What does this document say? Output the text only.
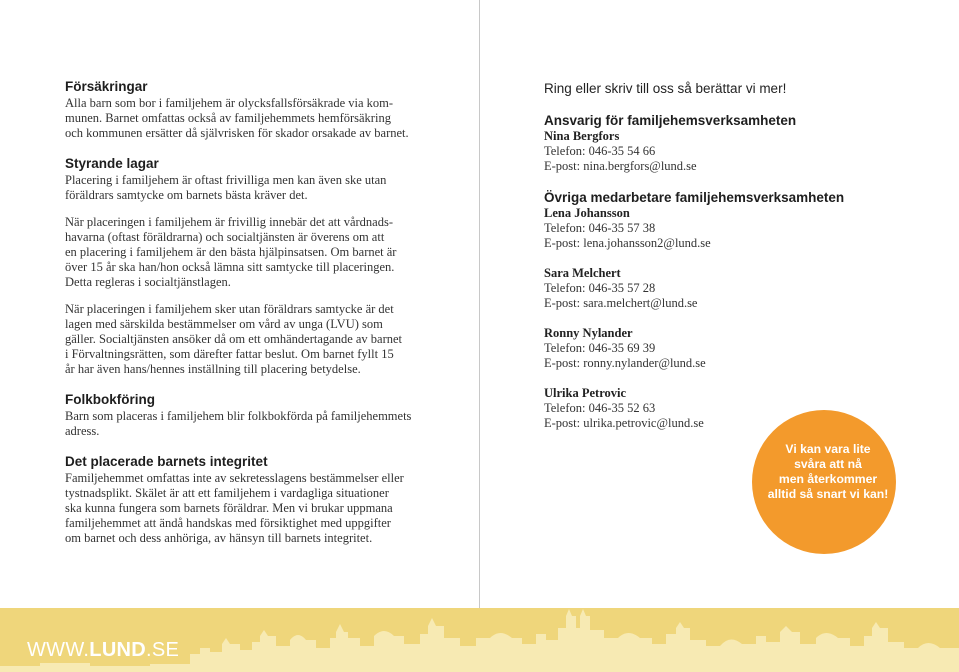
Försäkringar

Alla barn som bor i familjehem är olycksfallsförsäkrade via kom-
munen. Barnet omfattas också av familjehemmets hemförsäkring
och kommunen ersätter då självrisken för skador orsakade av barnet.

Styrande lagar

Placering i familjehem är oftast frivilliga men kan även ske utan
föräldrars samtycke om barnets bästa kräver det.

När placeringen i familjehem är frivillig innebär det att vårdnads-
havarna (oftast föräldrarna) och socialtjänsten är överens om att
en placering i familjehem är den bästa hjälpinsatsen. Om barnet är
över 15 år ska han/hon också lämna sitt samtycke till placeringen.
Detta regleras i socialtjänstlagen.

När placeringen i familjehem sker utan föräldrars samtycke är det
lagen med särskilda bestämmelser om vård av unga (LVU) som
gäller. Socialtjänsten ansöker då om ett omhändertagande av barnet
i Förvaltningsrätten, som därefter fattar beslut. Om barnet fyllt 15
år har även hans/hennes inställning till placering betydelse.

Folkbokföring

Barn som placeras i familjehem blir folkbokförda på familjehemmets
adress.

Det placerade barnets integritet

Familjehemmet omfattas inte av sekretesslagens bestämmelser eller
tystnadsplikt. Skälet är att ett familjehem i vardagliga situationer
ska kunna fungera som barnets föräldrar. Men vi brukar uppmana
familjehemmet att ändå handskas med försiktighet med uppgifter
om barnet och dess anhöriga, av hänsyn till barnets integritet.

Ring eller skriv till oss så berättar vi mer!
Ansvarig för familjehemsverksamheten
Nina Bergfors
Telefon: 046-35 54 66
E-post: nina.bergfors@lund.se
Övriga medarbetare familjehemsverksamheten
Lena Johansson
Telefon: 046-35 57 38
E-post: lena.johansson2@lund.se
Sara Melchert
Telefon: 046-35 57 28
E-post: sara.melchert@lund.se
Ronny Nylander
Telefon: 046-35 69 39
E-post: ronny.nylander@lund.se
Ulrika Petrovic
Telefon: 046-35 52 63
E-post: ulrika.petrovic@lund.se
Vi kan vara lite
svåra att nå
men återkommer
alltid så snart vi kan!
WWW.LUND.SE
